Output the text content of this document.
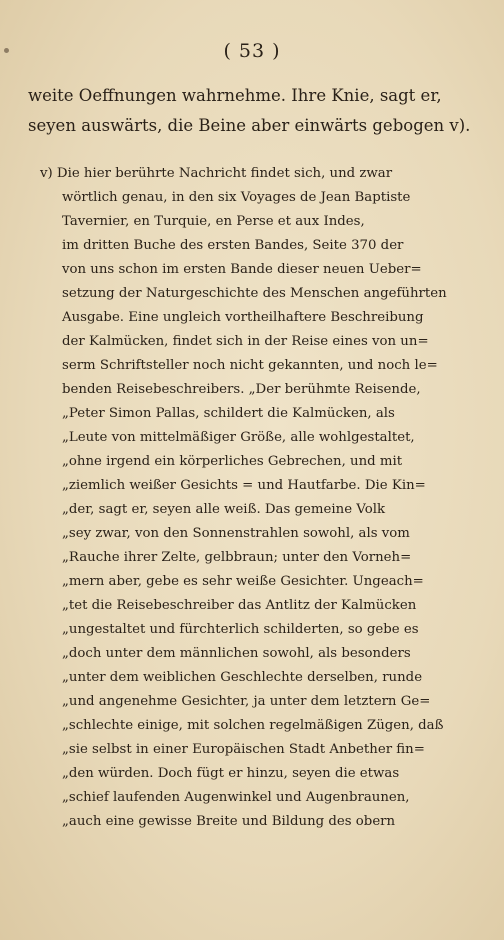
( 53 )
weite Oeffnungen wahrnehme. Ihre Knie, sagt er,
seyen auswärts, die Beine aber einwärts gebogen v).
v) Die hier berührte Nachricht findet sich, und zwar
wörtlich genau, in den six Voyages de Jean Baptiste
Tavernier, en Turquie, en Perse et aux Indes,
im dritten Buche des ersten Bandes, Seite 370 der
von uns schon im ersten Bande dieser neuen Ueber=
setzung der Naturgeschichte des Menschen angeführten
Ausgabe. Eine ungleich vortheilhaftere Beschreibung
der Kalmücken, findet sich in der Reise eines von un=
serm Schriftsteller noch nicht gekannten, und noch le=
benden Reisebeschreibers. „Der berühmte Reisende,
„Peter Simon Pallas, schildert die Kalmücken, als
„Leute von mittelmäßiger Größe, alle wohlgestaltet,
„ohne irgend ein körperliches Gebrechen, und mit
„ziemlich weißer Gesichts = und Hautfarbe. Die Kin=
„der, sagt er, seyen alle weiß. Das gemeine Volk
„sey zwar, von den Sonnenstrahlen sowohl, als vom
„Rauche ihrer Zelte, gelbbraun; unter den Vorneh=
„mern aber, gebe es sehr weiße Gesichter. Ungeach=
„tet die Reisebeschreiber das Antlitz der Kalmücken
„ungestaltet und fürchterlich schilderten, so gebe es
„doch unter dem männlichen sowohl, als besonders
„unter dem weiblichen Geschlechte derselben, runde
„und angenehme Gesichter, ja unter dem letztern Ge=
„schlechte einige, mit solchen regelmäßigen Zügen, daß
„sie selbst in einer Europäischen Stadt Anbether fin=
„den würden. Doch fügt er hinzu, seyen die etwas
„schief laufenden Augenwinkel und Augenbraunen,
„auch eine gewisse Breite und Bildung des obern
